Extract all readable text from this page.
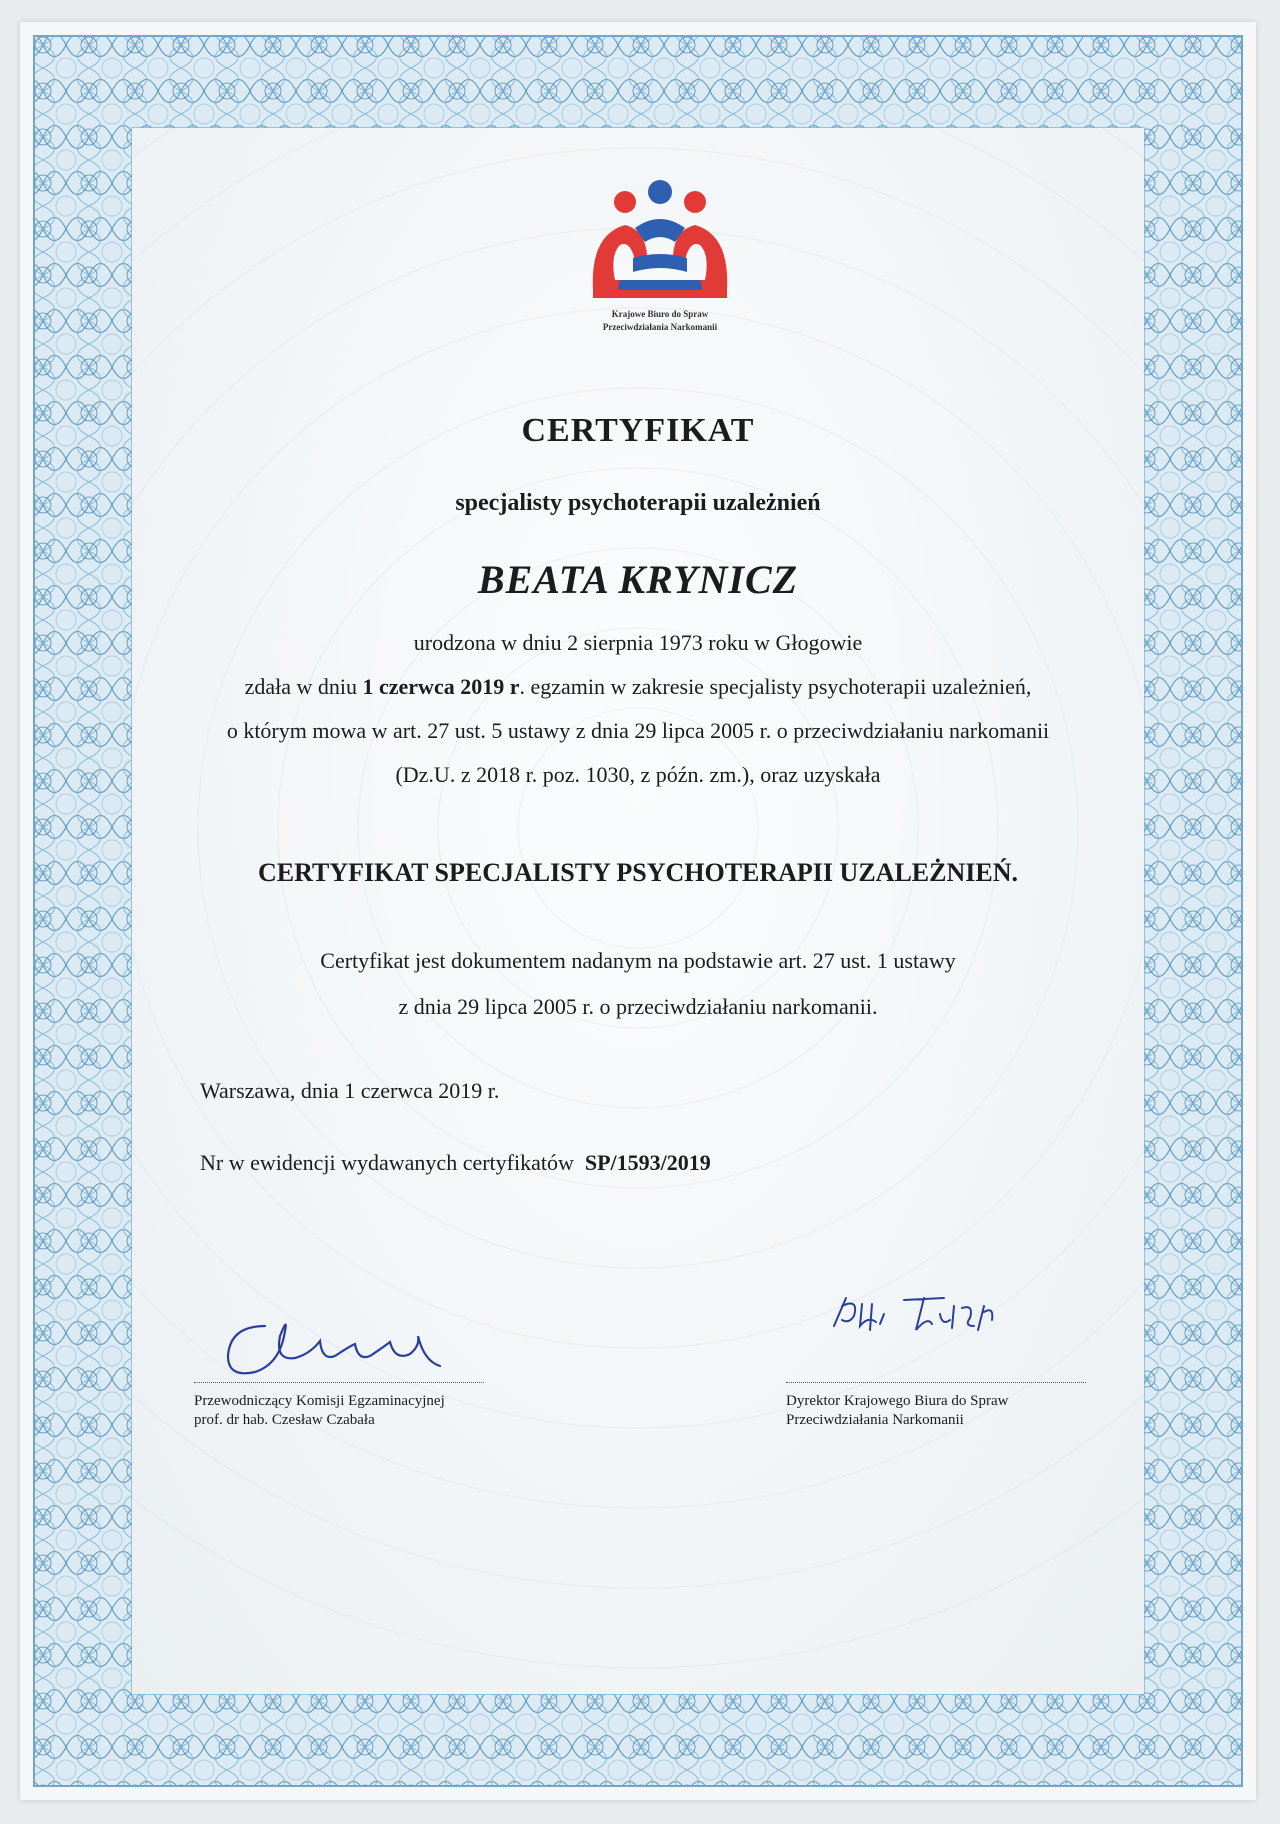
Krajowe Biuro do Spraw
Przeciwdziałania Narkomanii
CERTYFIKAT
specjalisty psychoterapii uzależnień
BEATA KRYNICZ
urodzona w dniu 2 sierpnia 1973 roku w Głogowie
zdała w dniu 1 czerwca 2019 r. egzamin w zakresie specjalisty psychoterapii uzależnień,
o którym mowa w art. 27 ust. 5 ustawy z dnia 29 lipca 2005 r. o przeciwdziałaniu narkomanii
(Dz.U. z 2018 r. poz. 1030, z późn. zm.), oraz uzyskała
CERTYFIKAT SPECJALISTY PSYCHOTERAPII UZALEŻNIEŃ.
Certyfikat jest dokumentem nadanym na podstawie art. 27 ust. 1 ustawy
z dnia 29 lipca 2005 r. o przeciwdziałaniu narkomanii.
Warszawa, dnia 1 czerwca 2019 r.
Nr w ewidencji wydawanych certyfikatów SP/1593/2019
Przewodniczący Komisji Egzaminacyjnej
prof. dr hab. Czesław Czabała
Dyrektor Krajowego Biura do Spraw
Przeciwdziałania Narkomanii
